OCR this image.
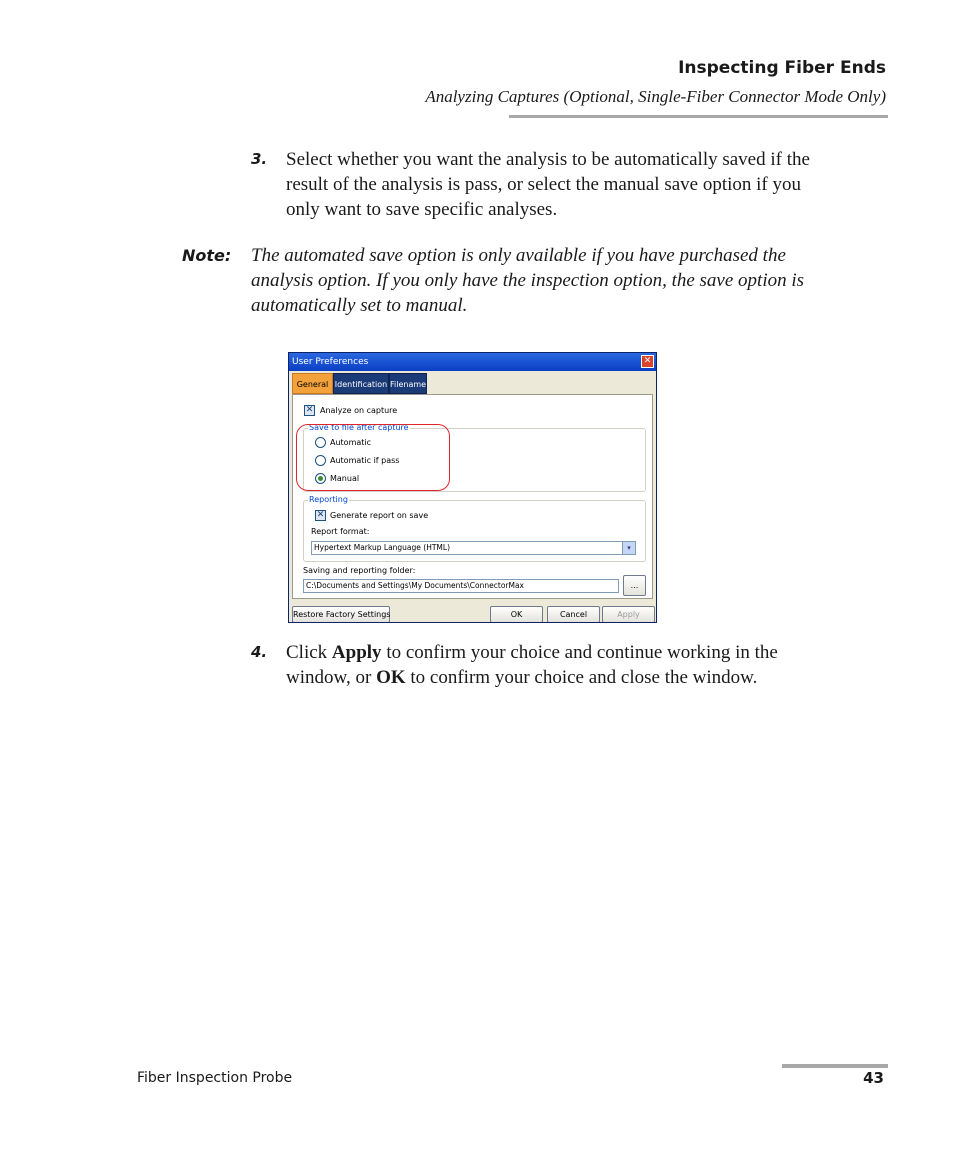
Inspecting Fiber Ends
Analyzing Captures (Optional, Single-Fiber Connector Mode Only)
3. Select whether you want the analysis to be automatically saved if the
result of the analysis is pass, or select the manual save option if you
only want to save specific analyses.
Note: The automated save option is only available if you have purchased the
analysis option. If you only have the inspection option, the save option is
automatically set to manual.
User Preferences	✕
General Identification Filename
✕ Analyze on capture
Save to file after capture
Automatic
Automatic if pass
Manual
Reporting
✕ Generate report on save
Report format:
Hypertext Markup Language (HTML)	▾
Saving and reporting folder:
C:\Documents and Settings\My Documents\ConnectorMax	...
Restore Factory Settings	OK	Cancel	Apply
4. Click Apply to confirm your choice and continue working in the
window, or OK to confirm your choice and close the window.
Fiber Inspection Probe	43
